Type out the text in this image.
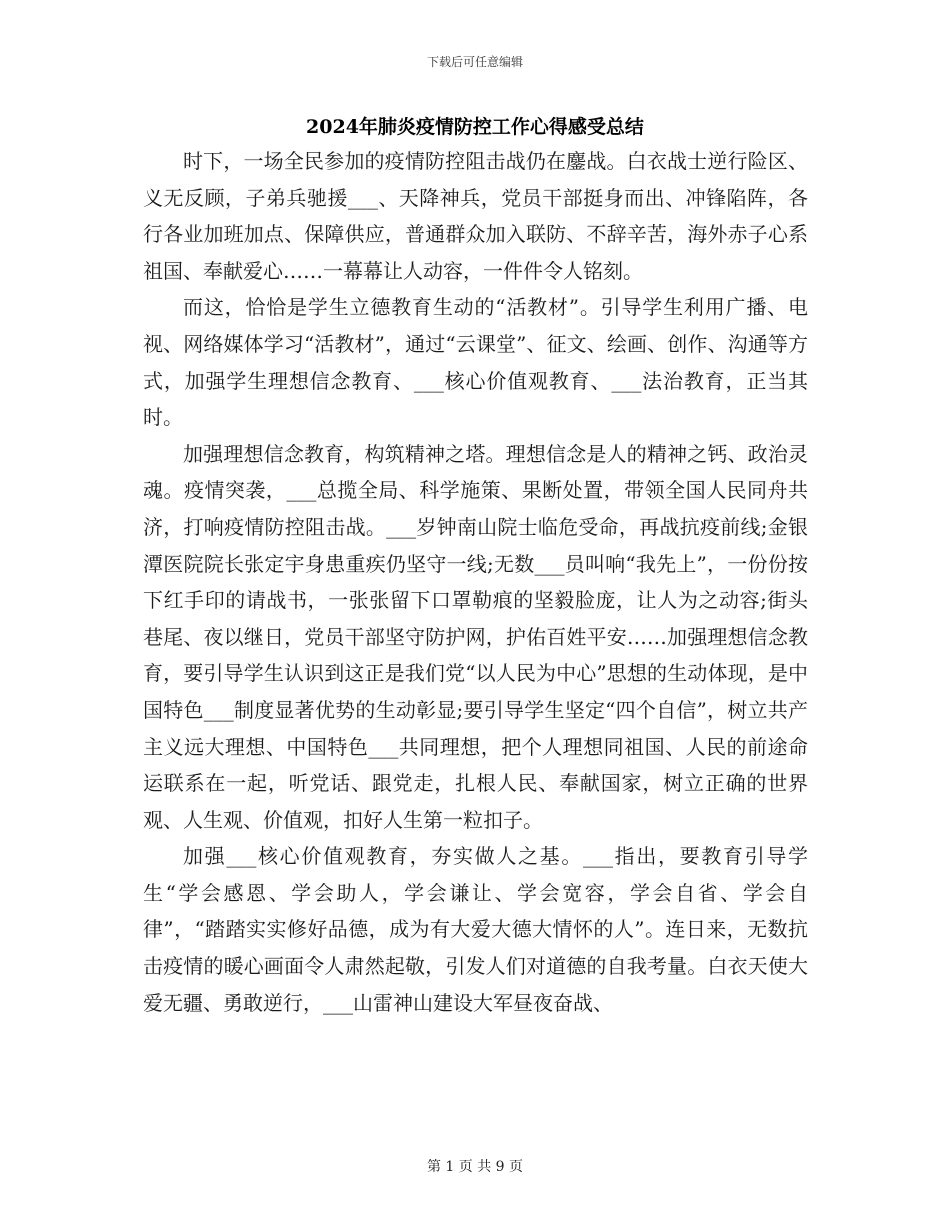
下载后可任意编辑
2024年肺炎疫情防控工作心得感受总结

时下，一场全民参加的疫情防控阻击战仍在鏖战。白衣战士逆行险区、义无反顾，子弟兵驰援___、天降神兵，党员干部挺身而出、冲锋陷阵，各行各业加班加点、保障供应，普通群众加入联防、不辞辛苦，海外赤子心系祖国、奉献爱心……一幕幕让人动容，一件件令人铭刻。

而这，恰恰是学生立德教育生动的“活教材”。引导学生利用广播、电视、网络媒体学习“活教材”，通过“云课堂”、征文、绘画、创作、沟通等方式，加强学生理想信念教育、___核心价值观教育、___法治教育，正当其时。

加强理想信念教育，构筑精神之塔。理想信念是人的精神之钙、政治灵魂。疫情突袭，___总揽全局、科学施策、果断处置，带领全国人民同舟共济，打响疫情防控阻击战。___岁钟南山院士临危受命，再战抗疫前线;金银潭医院院长张定宇身患重疾仍坚守一线;无数___员叫响“我先上”，一份份按下红手印的请战书，一张张留下口罩勒痕的坚毅脸庞，让人为之动容;街头巷尾、夜以继日，党员干部坚守防护网，护佑百姓平安……加强理想信念教育，要引导学生认识到这正是我们党“以人民为中心”思想的生动体现，是中国特色___制度显著优势的生动彰显;要引导学生坚定“四个自信”，树立共产主义远大理想、中国特色___共同理想，把个人理想同祖国、人民的前途命运联系在一起，听党话、跟党走，扎根人民、奉献国家，树立正确的世界观、人生观、价值观，扣好人生第一粒扣子。

加强___核心价值观教育，夯实做人之基。___指出，要教育引导学生“学会感恩、学会助人，学会谦让、学会宽容，学会自省、学会自律”，“踏踏实实修好品德，成为有大爱大德大情怀的人”。连日来，无数抗击疫情的暖心画面令人肃然起敬，引发人们对道德的自我考量。白衣天使大爱无疆、勇敢逆行，___山雷神山建设大军昼夜奋战、

第 1 页 共 9 页
